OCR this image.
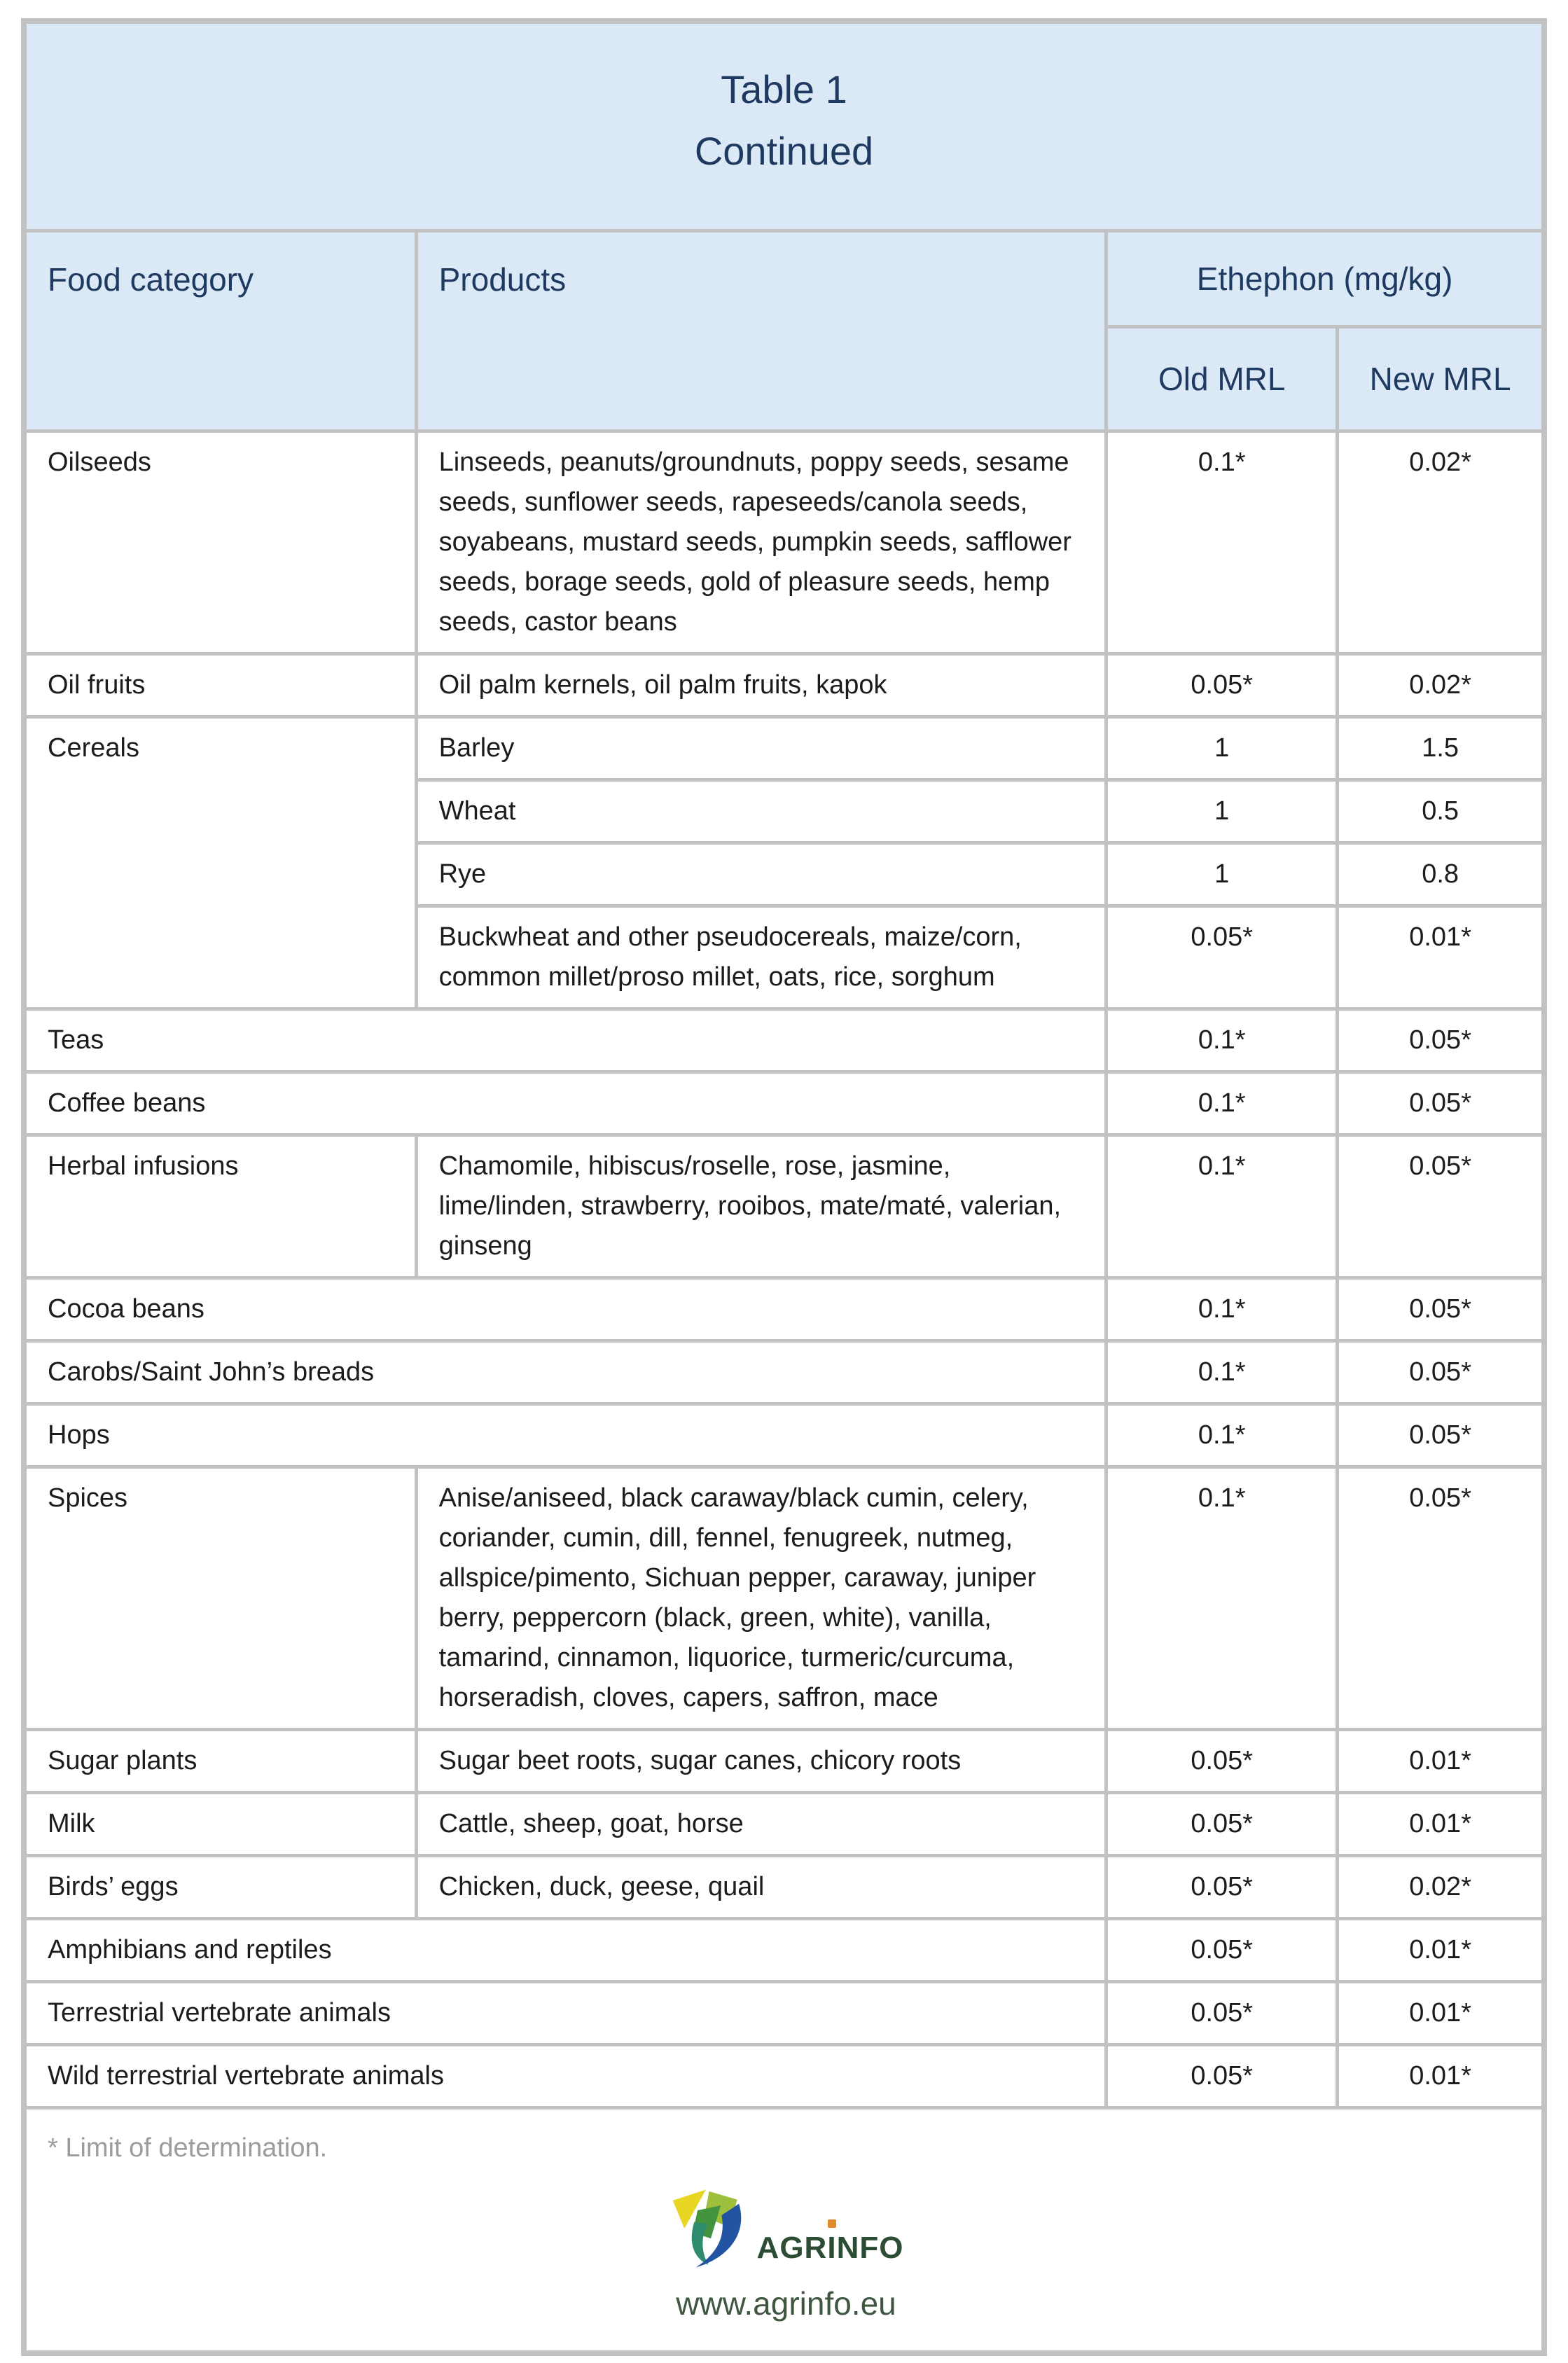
Table 1
Continued			

Food category	Products	Ethephon (mg/kg)	
		Old MRL	New MRL
Oilseeds	Linseeds, peanuts/groundnuts, poppy seeds, sesame seeds, sunflower seeds, rapeseeds/canola seeds, soyabeans, mustard seeds, pumpkin seeds, safflower seeds, borage seeds, gold of pleasure seeds, hemp seeds, castor beans	0.1*	0.02*
Oil fruits	Oil palm kernels, oil palm fruits, kapok	0.05*	0.02*
Cereals	Barley	1	1.5
	Wheat	1	0.5
	Rye	1	0.8
	Buckwheat and other pseudocereals, maize/corn, common millet/proso millet, oats, rice, sorghum	0.05*	0.01*
Teas		0.1*	0.05*
Coffee beans		0.1*	0.05*
Herbal infusions	Chamomile, hibiscus/roselle, rose, jasmine, lime/linden, strawberry, rooibos, mate/maté, valerian, ginseng	0.1*	0.05*
Cocoa beans		0.1*	0.05*
Carobs/Saint John’s breads		0.1*	0.05*
Hops		0.1*	0.05*
Spices	Anise/aniseed, black caraway/black cumin, celery, coriander, cumin, dill, fennel, fenugreek, nutmeg, allspice/pimento, Sichuan pepper, caraway, juniper berry, peppercorn (black, green, white), vanilla, tamarind, cinnamon, liquorice, turmeric/curcuma, horseradish, cloves, capers, saffron, mace	0.1*	0.05*
Sugar plants	Sugar beet roots, sugar canes, chicory roots	0.05*	0.01*
Milk	Cattle, sheep, goat, horse	0.05*	0.01*
Birds’ eggs	Chicken, duck, geese, quail	0.05*	0.02*
Amphibians and reptiles		0.05*	0.01*
Terrestrial vertebrate animals		0.05*	0.01*
Wild terrestrial vertebrate animals		0.05*	0.01*

* Limit of determination.
AGRINFO
www.agrinfo.eu			
